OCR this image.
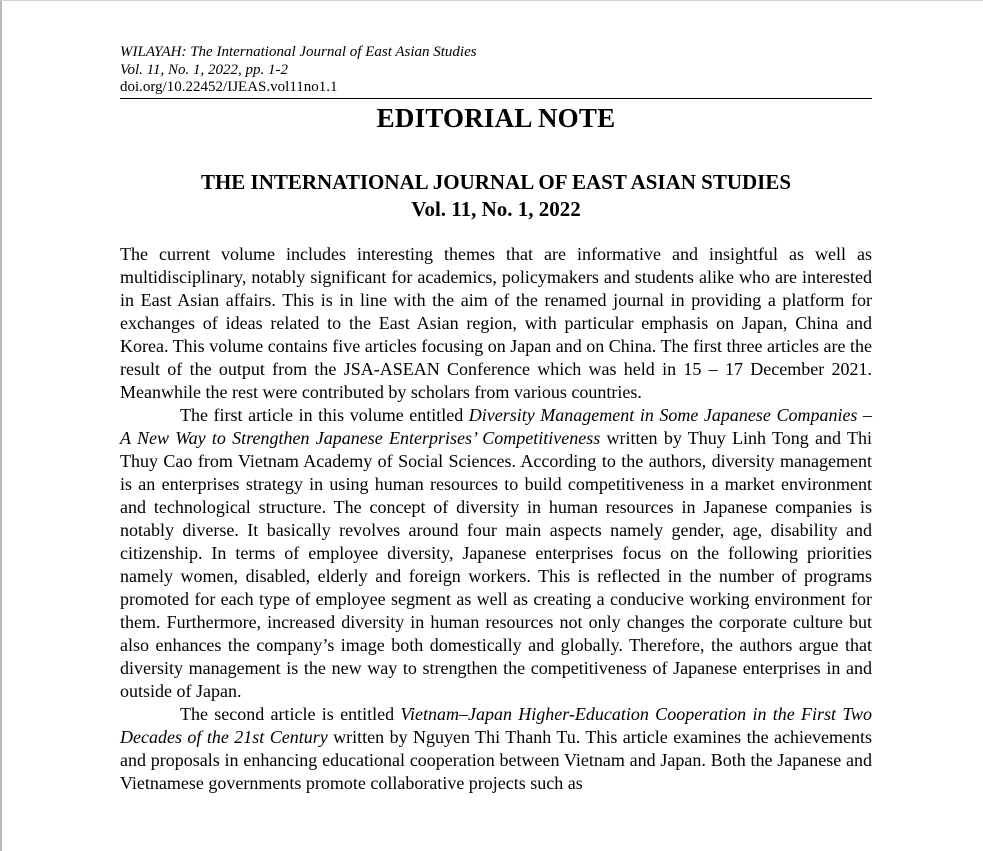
WILAYAH: The International Journal of East Asian Studies
Vol. 11, No. 1, 2022, pp. 1-2
doi.org/10.22452/IJEAS.vol11no1.1
EDITORIAL NOTE
THE INTERNATIONAL JOURNAL OF EAST ASIAN STUDIES
Vol. 11, No. 1, 2022

The current volume includes interesting themes that are informative and insightful as well as multidisciplinary, notably significant for academics, policymakers and students alike who are interested in East Asian affairs. This is in line with the aim of the renamed journal in providing a platform for exchanges of ideas related to the East Asian region, with particular emphasis on Japan, China and Korea. This volume contains five articles focusing on Japan and on China. The first three articles are the result of the output from the JSA-ASEAN Conference which was held in 15 – 17 December 2021. Meanwhile the rest were contributed by scholars from various countries.

The first article in this volume entitled Diversity Management in Some Japanese Companies – A New Way to Strengthen Japanese Enterprises’ Competitiveness written by Thuy Linh Tong and Thi Thuy Cao from Vietnam Academy of Social Sciences. According to the authors, diversity management is an enterprises strategy in using human resources to build competitiveness in a market environment and technological structure. The concept of diversity in human resources in Japanese companies is notably diverse. It basically revolves around four main aspects namely gender, age, disability and citizenship. In terms of employee diversity, Japanese enterprises focus on the following priorities namely women, disabled, elderly and foreign workers. This is reflected in the number of programs promoted for each type of employee segment as well as creating a conducive working environment for them. Furthermore, increased diversity in human resources not only changes the corporate culture but also enhances the company’s image both domestically and globally. Therefore, the authors argue that diversity management is the new way to strengthen the competitiveness of Japanese enterprises in and outside of Japan.

The second article is entitled Vietnam–Japan Higher-Education Cooperation in the First Two Decades of the 21st Century written by Nguyen Thi Thanh Tu. This article examines the achievements and proposals in enhancing educational cooperation between Vietnam and Japan. Both the Japanese and Vietnamese governments promote collaborative projects such as
